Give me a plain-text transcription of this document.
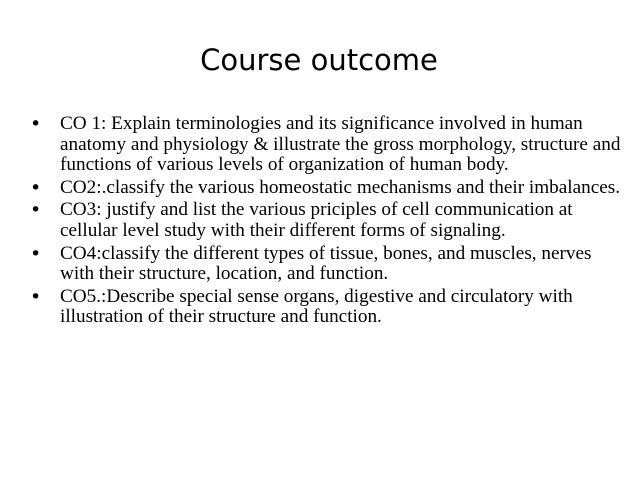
Course outcome
• CO 1: Explain terminologies and its significance involved in human anatomy and physiology & illustrate the gross morphology, structure and functions of various levels of organization of human body.
• CO2:.classify the various homeostatic mechanisms and their imbalances.
• CO3: justify and list the various priciples of cell communication at cellular level study with their different forms of signaling.
• CO4:classify the different types of tissue, bones, and muscles, nerves with their structure, location, and function.
• CO5.:Describe special sense organs, digestive and circulatory with illustration of their structure and function.
